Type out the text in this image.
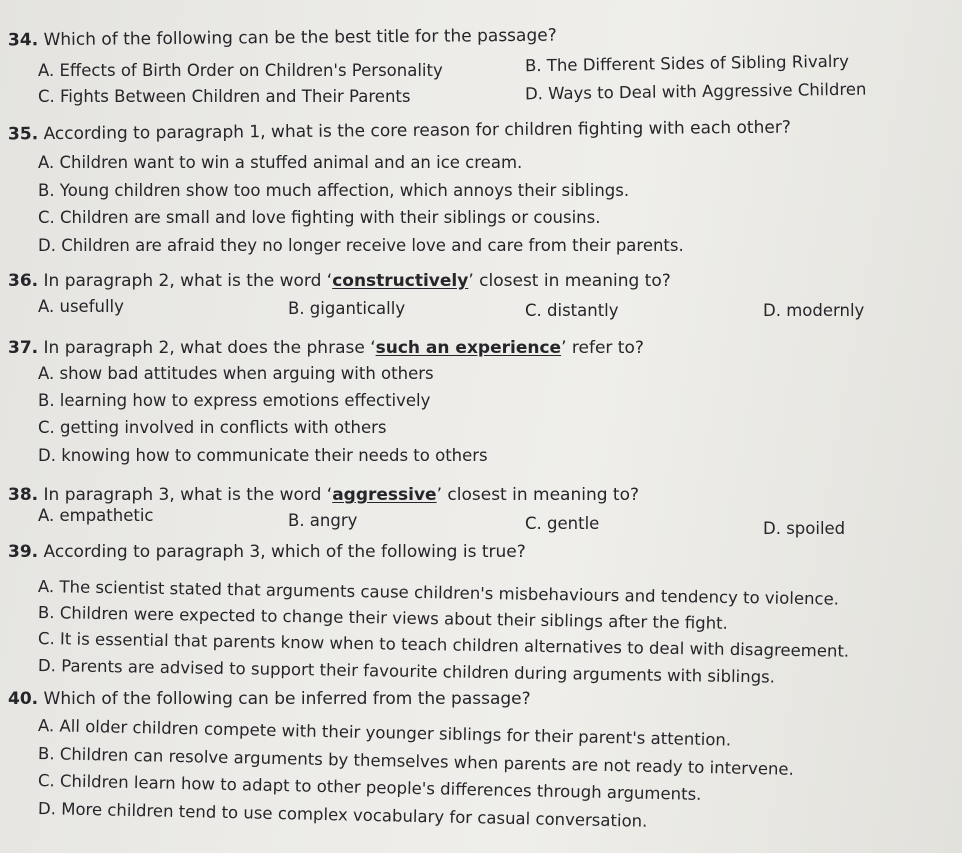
34. Which of the following can be the best title for the passage?
A. Effects of Birth Order on Children's Personality	B. The Different Sides of Sibling Rivalry
C. Fights Between Children and Their Parents	D. Ways to Deal with Aggressive Children
35. According to paragraph 1, what is the core reason for children fighting with each other?
A. Children want to win a stuffed animal and an ice cream.
B. Young children show too much affection, which annoys their siblings.
C. Children are small and love fighting with their siblings or cousins.
D. Children are afraid they no longer receive love and care from their parents.
36. In paragraph 2, what is the word ‘constructively’ closest in meaning to?
A. usefully	B. gigantically	C. distantly	D. modernly
37. In paragraph 2, what does the phrase ‘such an experience’ refer to?
A. show bad attitudes when arguing with others
B. learning how to express emotions effectively
C. getting involved in conflicts with others
D. knowing how to communicate their needs to others
38. In paragraph 3, what is the word ‘aggressive’ closest in meaning to?
A. empathetic	B. angry	C. gentle	D. spoiled
39. According to paragraph 3, which of the following is true?
A. The scientist stated that arguments cause children's misbehaviours and tendency to violence.
B. Children were expected to change their views about their siblings after the fight.
C. It is essential that parents know when to teach children alternatives to deal with disagreement.
D. Parents are advised to support their favourite children during arguments with siblings.
40. Which of the following can be inferred from the passage?
A. All older children compete with their younger siblings for their parent's attention.
B. Children can resolve arguments by themselves when parents are not ready to intervene.
C. Children learn how to adapt to other people's differences through arguments.
D. More children tend to use complex vocabulary for casual conversation.
